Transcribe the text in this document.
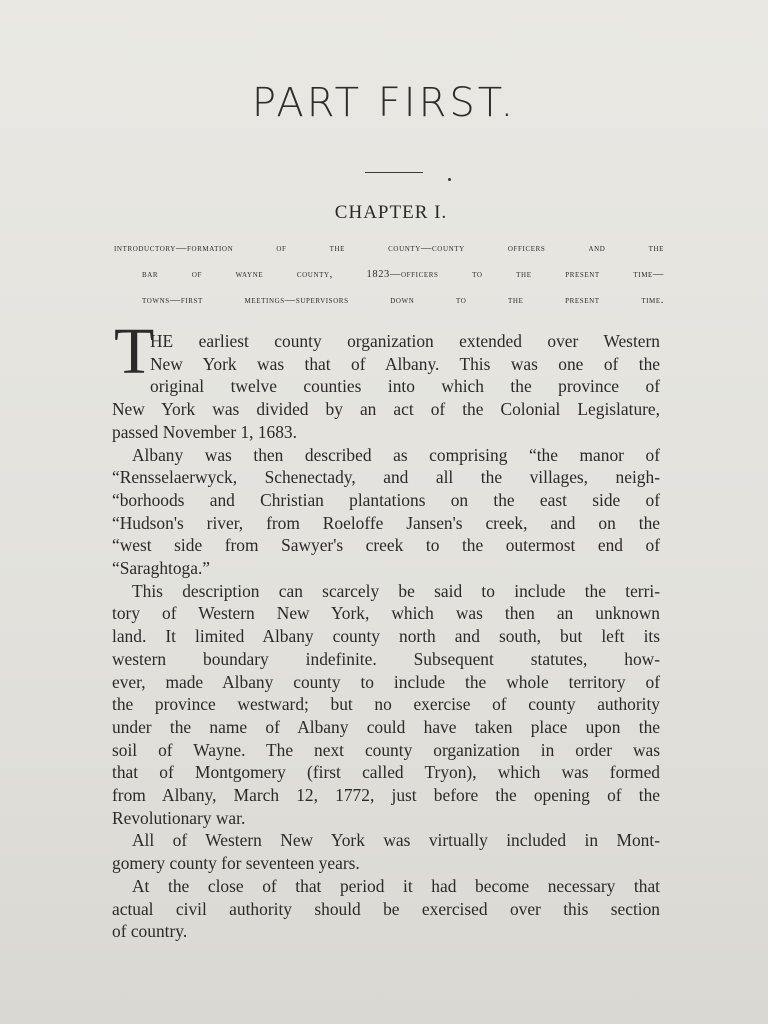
PART FIRST.
CHAPTER I.
introductory—formation of the county—county officers and the
bar of wayne county, 1823—officers to the present time—
towns—first meetings—supervisors down to the present time.
T
HE earliest county organization extended over Western
New York was that of Albany. This was one of the
original twelve counties into which the province of
New York was divided by an act of the Colonial Legislature,
passed November 1, 1683.
Albany was then described as comprising “the manor of
“Rensselaerwyck, Schenectady, and all the villages, neigh-
“borhoods and Christian plantations on the east side of
“Hudson's river, from Roeloffe Jansen's creek, and on the
“west side from Sawyer's creek to the outermost end of
“Saraghtoga.”
This description can scarcely be said to include the terri-
tory of Western New York, which was then an unknown
land. It limited Albany county north and south, but left its
western boundary indefinite. Subsequent statutes, how-
ever, made Albany county to include the whole territory of
the province westward; but no exercise of county authority
under the name of Albany could have taken place upon the
soil of Wayne. The next county organization in order was
that of Montgomery (first called Tryon), which was formed
from Albany, March 12, 1772, just before the opening of the
Revolutionary war.
All of Western New York was virtually included in Mont-
gomery county for seventeen years.
At the close of that period it had become necessary that
actual civil authority should be exercised over this section
of country.
